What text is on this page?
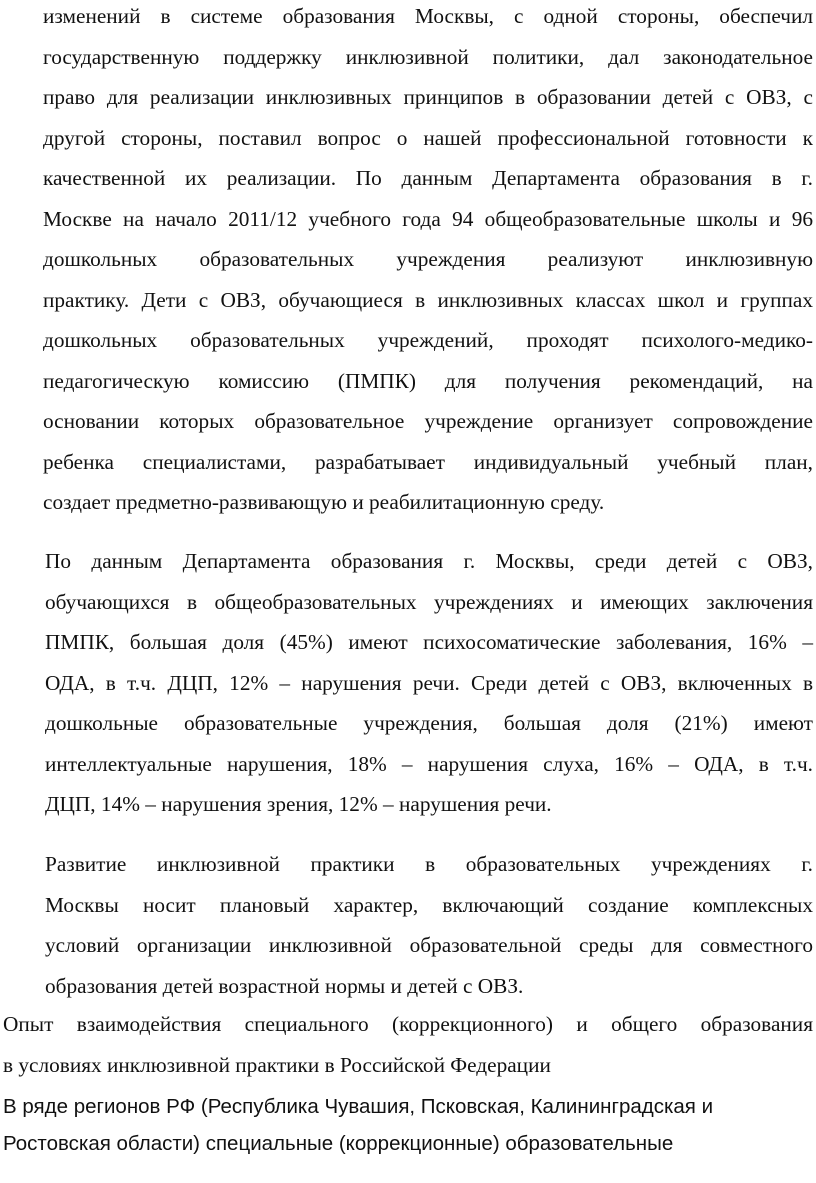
изменений в системе образования Москвы, с одной стороны, обеспечил
государственную поддержку инклюзивной политики, дал законодательное
право для реализации инклюзивных принципов в образовании детей с ОВЗ, с
другой стороны, поставил вопрос о нашей профессиональной готовности к
качественной их реализации. По данным Департамента образования в г.
Москве на начало 2011/12 учебного года 94 общеобразовательные школы и 96
дошкольных образовательных учреждения реализуют инклюзивную
практику. Дети с ОВЗ, обучающиеся в инклюзивных классах школ и группах
дошкольных образовательных учреждений, проходят психолого-медико-
педагогическую комиссию (ПМПК) для получения рекомендаций, на
основании которых образовательное учреждение организует сопровождение
ребенка специалистами, разрабатывает индивидуальный учебный план,
создает предметно-развивающую и реабилитационную среду.
По данным Департамента образования г. Москвы, среди детей с ОВЗ,
обучающихся в общеобразовательных учреждениях и имеющих заключения
ПМПК, большая доля (45%) имеют психосоматические заболевания, 16% –
ОДА, в т.ч. ДЦП, 12% – нарушения речи. Среди детей с ОВЗ, включенных в
дошкольные образовательные учреждения, большая доля (21%) имеют
интеллектуальные нарушения, 18% – нарушения слуха, 16% – ОДА, в т.ч.
ДЦП, 14% – нарушения зрения, 12% – нарушения речи.
Развитие инклюзивной практики в образовательных учреждениях г.
Москвы носит плановый характер, включающий создание комплексных
условий организации инклюзивной образовательной среды для совместного
образования детей возрастной нормы и детей с ОВЗ.
Опыт взаимодействия специального (коррекционного) и общего образования
в условиях инклюзивной практики в Российской Федерации
В ряде регионов РФ (Республика Чувашия, Псковская, Калининградская и
Ростовская области) специальные (коррекционные) образовательные
